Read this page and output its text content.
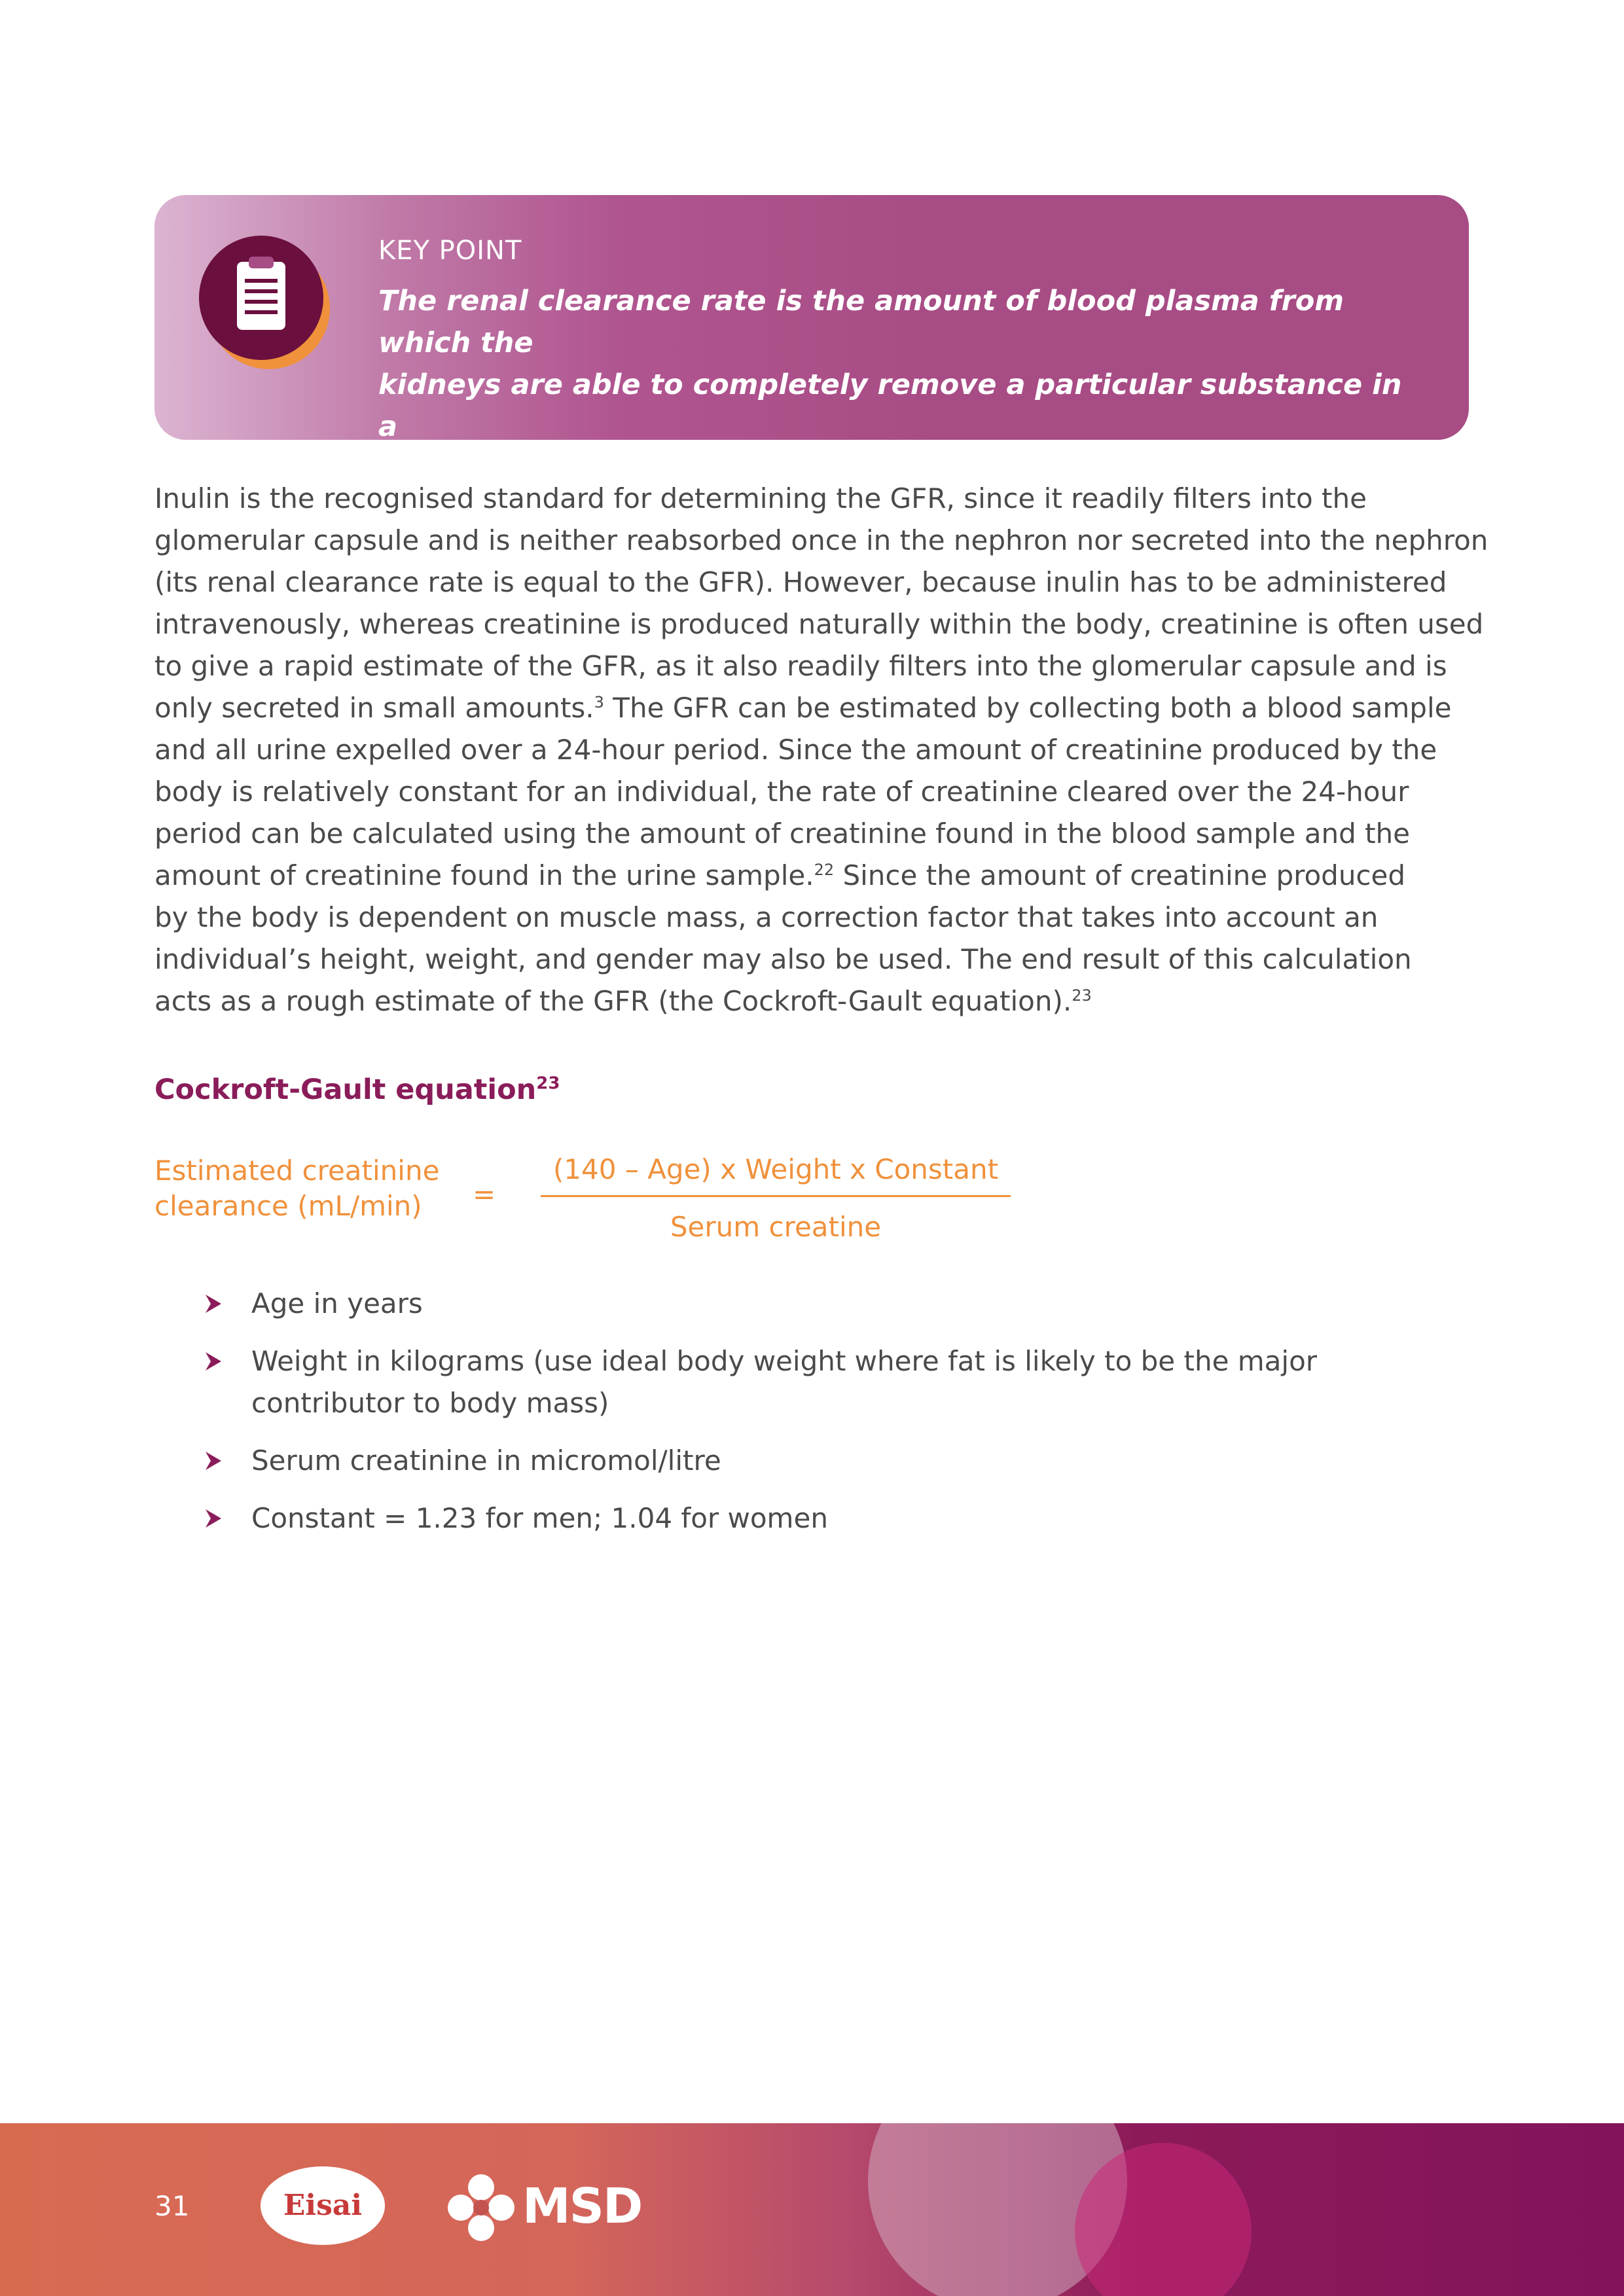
KEY POINT
The renal clearance rate is the amount of blood plasma from which the
kidneys are able to completely remove a particular substance in a
given time, usually 1 minute.$^3$
Inulin is the recognised standard for determining the GFR, since it readily filters into the
glomerular capsule and is neither reabsorbed once in the nephron nor secreted into the nephron
(its renal clearance rate is equal to the GFR). However, because inulin has to be administered
intravenously, whereas creatinine is produced naturally within the body, creatinine is often used
to give a rapid estimate of the GFR, as it also readily filters into the glomerular capsule and is
only secreted in small amounts.$^3$ The GFR can be estimated by collecting both a blood sample
and all urine expelled over a 24-hour period. Since the amount of creatinine produced by the
body is relatively constant for an individual, the rate of creatinine cleared over the 24-hour
period can be calculated using the amount of creatinine found in the blood sample and the
amount of creatinine found in the urine sample.$^{22}$ Since the amount of creatinine produced
by the body is dependent on muscle mass, a correction factor that takes into account an
individual’s height, weight, and gender may also be used. The end result of this calculation
acts as a rough estimate of the GFR (the Cockroft-Gault equation).$^{23}$
Cockroft-Gault equation$^{23}$
Estimated creatinine
clearance (mL/min)	=
(140 – Age) x Weight x Constant
Serum creatine
Age in years
Weight in kilograms (use ideal body weight where fat is likely to be the major
contributor to body mass)
Serum creatinine in micromol/litre
Constant = 1.23 for men; 1.04 for women
31	Eisai	MSD
